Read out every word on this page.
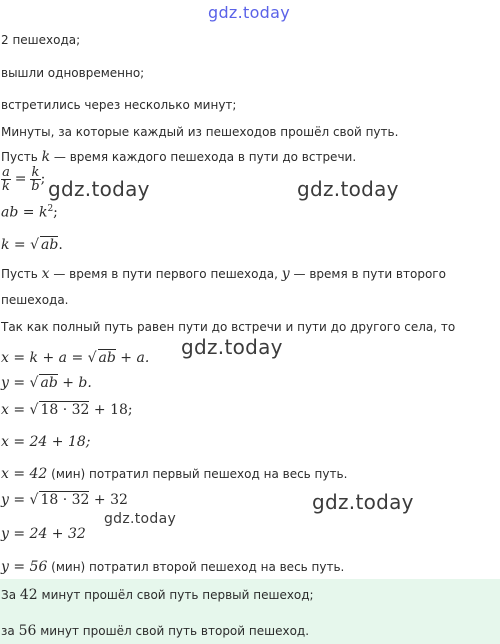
gdz.today
2 пешехода;
вышли одновременно;
встретились через несколько минут;
Минуты, за которые каждый из пешеходов прошёл свой путь.
Пусть k — время каждого пешехода в пути до встречи.
$\frac{a}{k} = \frac{k}{b}$ ; gdz.today	gdz.today
ab = $k^2$;
k = √ ab.
Пусть x — время в пути первого пешехода, y — время в пути второго
пешехода.
Так как полный путь равен пути до встречи и пути до другого села, то
gdz.today
x = k + a = √ ab + a.
y = √ ab + b.
x = √ 18 · 32 + 18;
x = 24 + 18;
x = 42 (мин) потратил первый пешеход на весь путь.
y = √ 18 · 32 + 32	gdz.today
gdz.today
y = 24 + 32
y = 56 (мин) потратил второй пешеход на весь путь.
За 42 минут прошёл свой путь первый пешеход;
за 56 минут прошёл свой путь второй пешеход.
